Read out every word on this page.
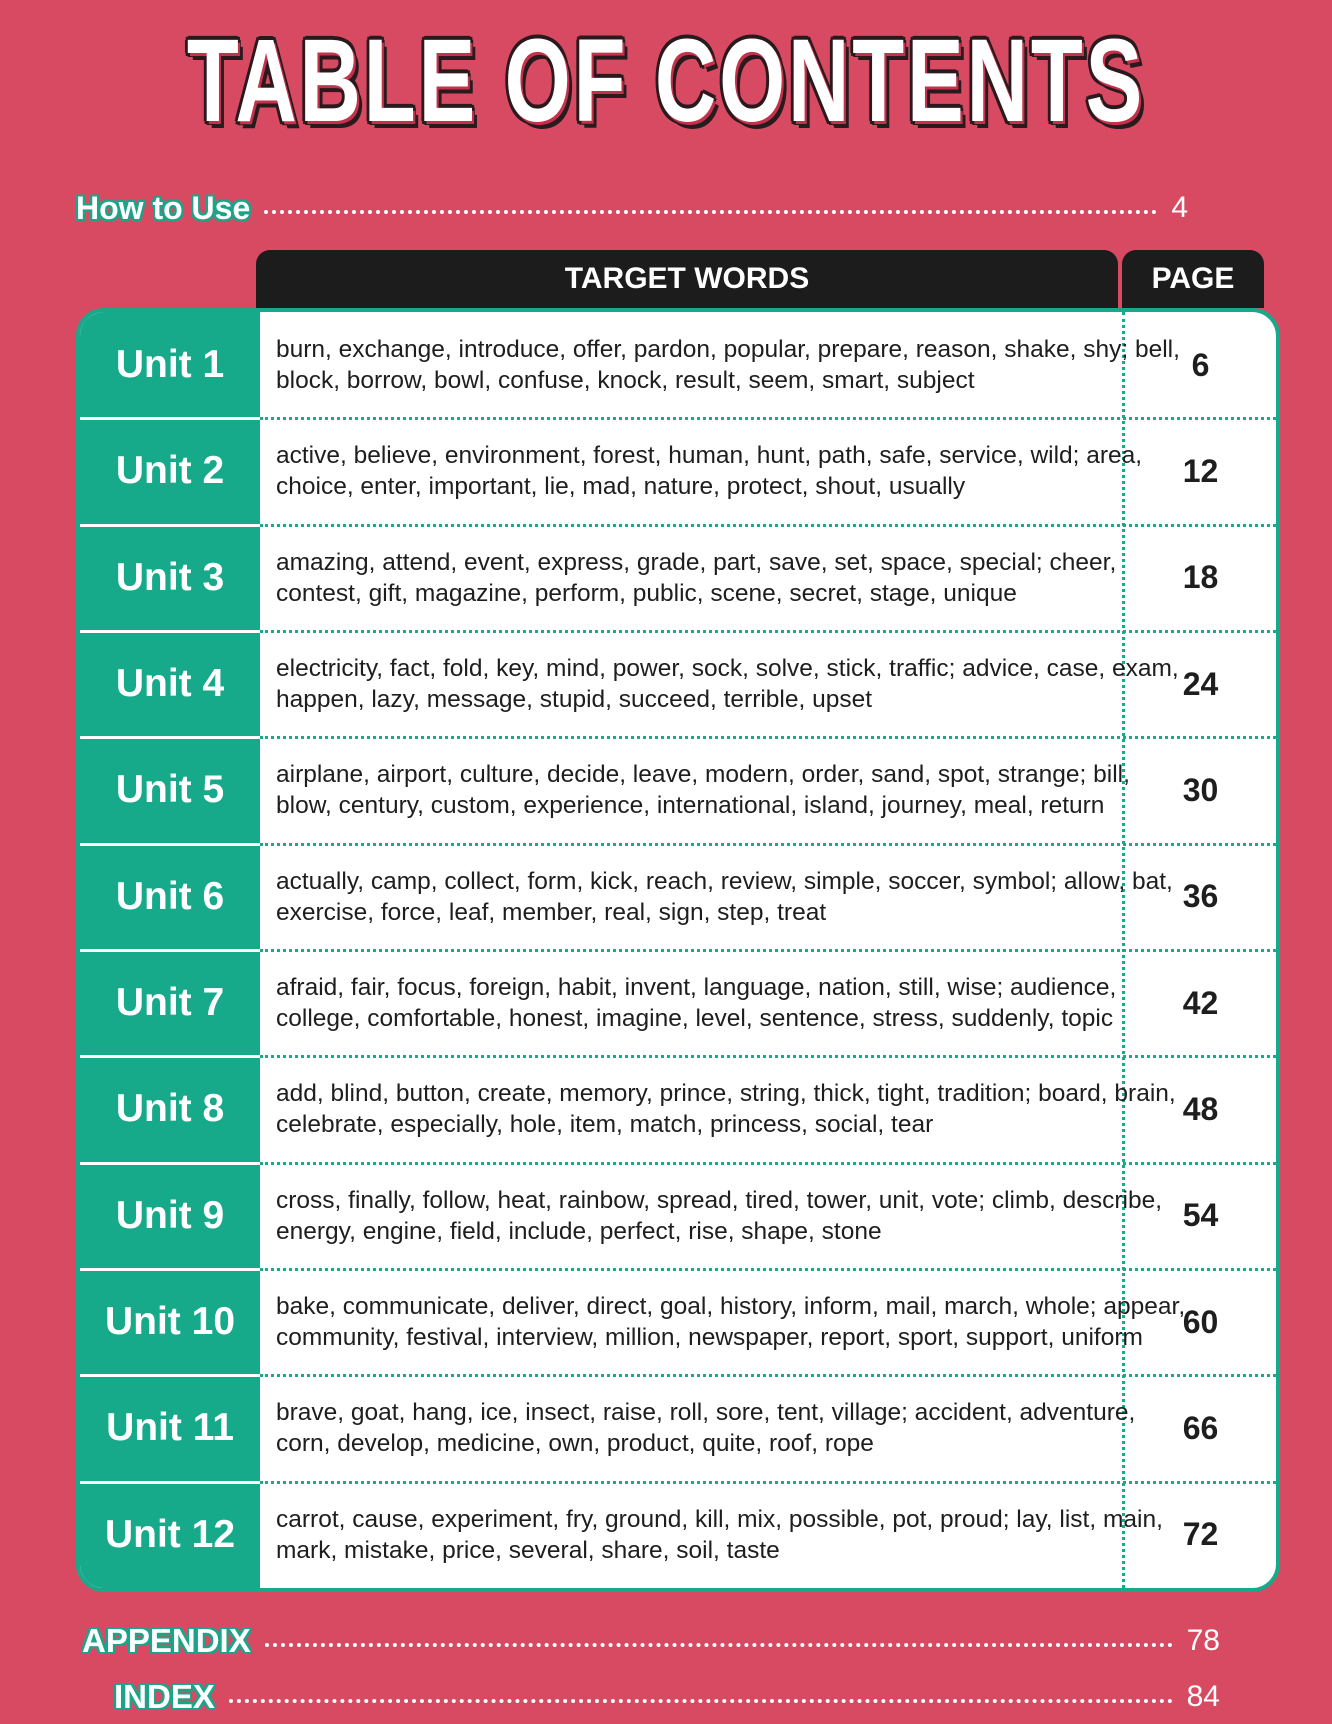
TABLE OF CONTENTS
How to Use	4
TARGET WORDS	PAGE
Unit 1	burn, exchange, introduce, offer, pardon, popular, prepare, reason, shake, shy; bell, block, borrow, bowl, confuse, knock, result, seem, smart, subject	6
Unit 2	active, believe, environment, forest, human, hunt, path, safe, service, wild; area, choice, enter, important, lie, mad, nature, protect, shout, usually	12
Unit 3	amazing, attend, event, express, grade, part, save, set, space, special; cheer, contest, gift, magazine, perform, public, scene, secret, stage, unique	18
Unit 4	electricity, fact, fold, key, mind, power, sock, solve, stick, traffic; advice, case, exam, happen, lazy, message, stupid, succeed, terrible, upset	24
Unit 5	airplane, airport, culture, decide, leave, modern, order, sand, spot, strange; bill, blow, century, custom, experience, international, island, journey, meal, return	30
Unit 6	actually, camp, collect, form, kick, reach, review, simple, soccer, symbol; allow, bat, exercise, force, leaf, member, real, sign, step, treat	36
Unit 7	afraid, fair, focus, foreign, habit, invent, language, nation, still, wise; audience, college, comfortable, honest, imagine, level, sentence, stress, suddenly, topic	42
Unit 8	add, blind, button, create, memory, prince, string, thick, tight, tradition; board, brain, celebrate, especially, hole, item, match, princess, social, tear	48
Unit 9	cross, finally, follow, heat, rainbow, spread, tired, tower, unit, vote; climb, describe, energy, engine, field, include, perfect, rise, shape, stone	54
Unit 10	bake, communicate, deliver, direct, goal, history, inform, mail, march, whole; appear, community, festival, interview, million, newspaper, report, sport, support, uniform	60
Unit 11	brave, goat, hang, ice, insect, raise, roll, sore, tent, village; accident, adventure, corn, develop, medicine, own, product, quite, roof, rope	66
Unit 12	carrot, cause, experiment, fry, ground, kill, mix, possible, pot, proud; lay, list, main, mark, mistake, price, several, share, soil, taste	72
APPENDIX	78
INDEX	84
